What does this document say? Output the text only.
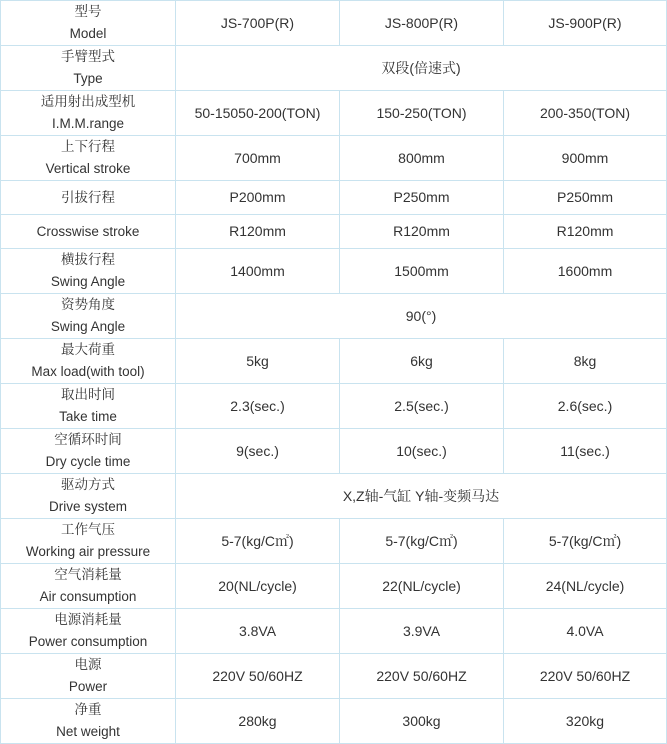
型号
Model	JS-700P(R)	JS-800P(R)	JS-900P(R)

手臂型式
Type	双段(倍速式)		

适用射出成型机
I.M.M.range	50-15050-200(TON)	150-250(TON)	200-350(TON)

上下行程
Vertical stroke	700mm	800mm	900mm

引拔行程	P200mm	P250mm	P250mm

Crosswise stroke	R120mm	R120mm	R120mm

横拔行程
Swing Angle	1400mm	1500mm	1600mm

资势角度
Swing Angle	90(°)		

最大荷重
Max load(with tool)	5kg	6kg	8kg

取出时间
Take time	2.3(sec.)	2.5(sec.)	2.6(sec.)

空循环时间
Dry cycle time	9(sec.)	10(sec.)	11(sec.)

驱动方式
Drive system	X,Z轴-气缸 Y轴-变频马达		

工作气压
Working air pressure	5-7(kg/C㎡)	5-7(kg/C㎡)	5-7(kg/C㎡)

空气消耗量
Air consumption	20(NL/cycle)	22(NL/cycle)	24(NL/cycle)

电源消耗量
Power consumption	3.8VA	3.9VA	4.0VA

电源
Power	220V 50/60HZ	220V 50/60HZ	220V 50/60HZ

净重
Net weight	280kg	300kg	320kg
